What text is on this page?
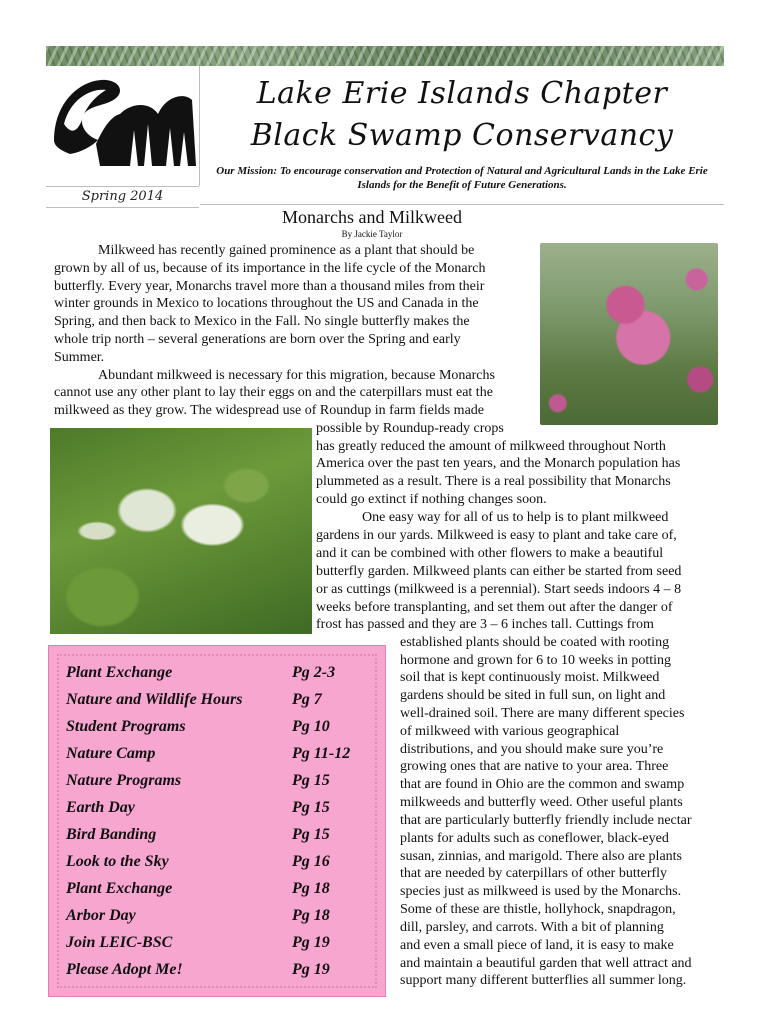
Spring 2014
Lake Erie Islands Chapter
Black Swamp Conservancy
Our Mission: To encourage conservation and Protection of Natural and Agricultural Lands in the Lake Erie Islands for the Benefit of Future Generations.
Monarchs and Milkweed
By Jackie Taylor
Milkweed has recently gained prominence as a plant that should be
grown by all of us, because of its importance in the life cycle of the Monarch
butterfly. Every year, Monarchs travel more than a thousand miles from their
winter grounds in Mexico to locations throughout the US and Canada in the
Spring, and then back to Mexico in the Fall. No single butterfly makes the
whole trip north – several generations are born over the Spring and early
Summer.
Abundant milkweed is necessary for this migration, because Monarchs
cannot use any other plant to lay their eggs on and the caterpillars must eat the
milkweed as they grow. The widespread use of Roundup in farm fields made
possible by Roundup-ready crops
has greatly reduced the amount of milkweed throughout North
America over the past ten years, and the Monarch population has
plummeted as a result. There is a real possibility that Monarchs
could go extinct if nothing changes soon.
One easy way for all of us to help is to plant milkweed
gardens in our yards. Milkweed is easy to plant and take care of,
and it can be combined with other flowers to make a beautiful
butterfly garden. Milkweed plants can either be started from seed
or as cuttings (milkweed is a perennial). Start seeds indoors 4 – 8
weeks before transplanting, and set them out after the danger of
frost has passed and they are 3 – 6 inches tall. Cuttings from
established plants should be coated with rooting
hormone and grown for 6 to 10 weeks in potting
soil that is kept continuously moist. Milkweed
gardens should be sited in full sun, on light and
well-drained soil. There are many different species
of milkweed with various geographical
distributions, and you should make sure you’re
growing ones that are native to your area. Three
that are found in Ohio are the common and swamp
milkweeds and butterfly weed. Other useful plants
that are particularly butterfly friendly include nectar
plants for adults such as coneflower, black-eyed
susan, zinnias, and marigold. There also are plants
that are needed by caterpillars of other butterfly
species just as milkweed is used by the Monarchs.
Some of these are thistle, hollyhock, snapdragon,
dill, parsley, and carrots. With a bit of planning
and even a small piece of land, it is easy to make
and maintain a beautiful garden that well attract and
support many different butterflies all summer long.
Plant Exchange	Pg 2-3
Nature and Wildlife Hours	Pg 7
Student Programs	Pg 10
Nature Camp	Pg 11-12
Nature Programs	Pg 15
Earth Day	Pg 15
Bird Banding	Pg 15
Look to the Sky	Pg 16
Plant Exchange	Pg 18
Arbor Day	Pg 18
Join LEIC-BSC	Pg 19
Please Adopt Me!	Pg 19
